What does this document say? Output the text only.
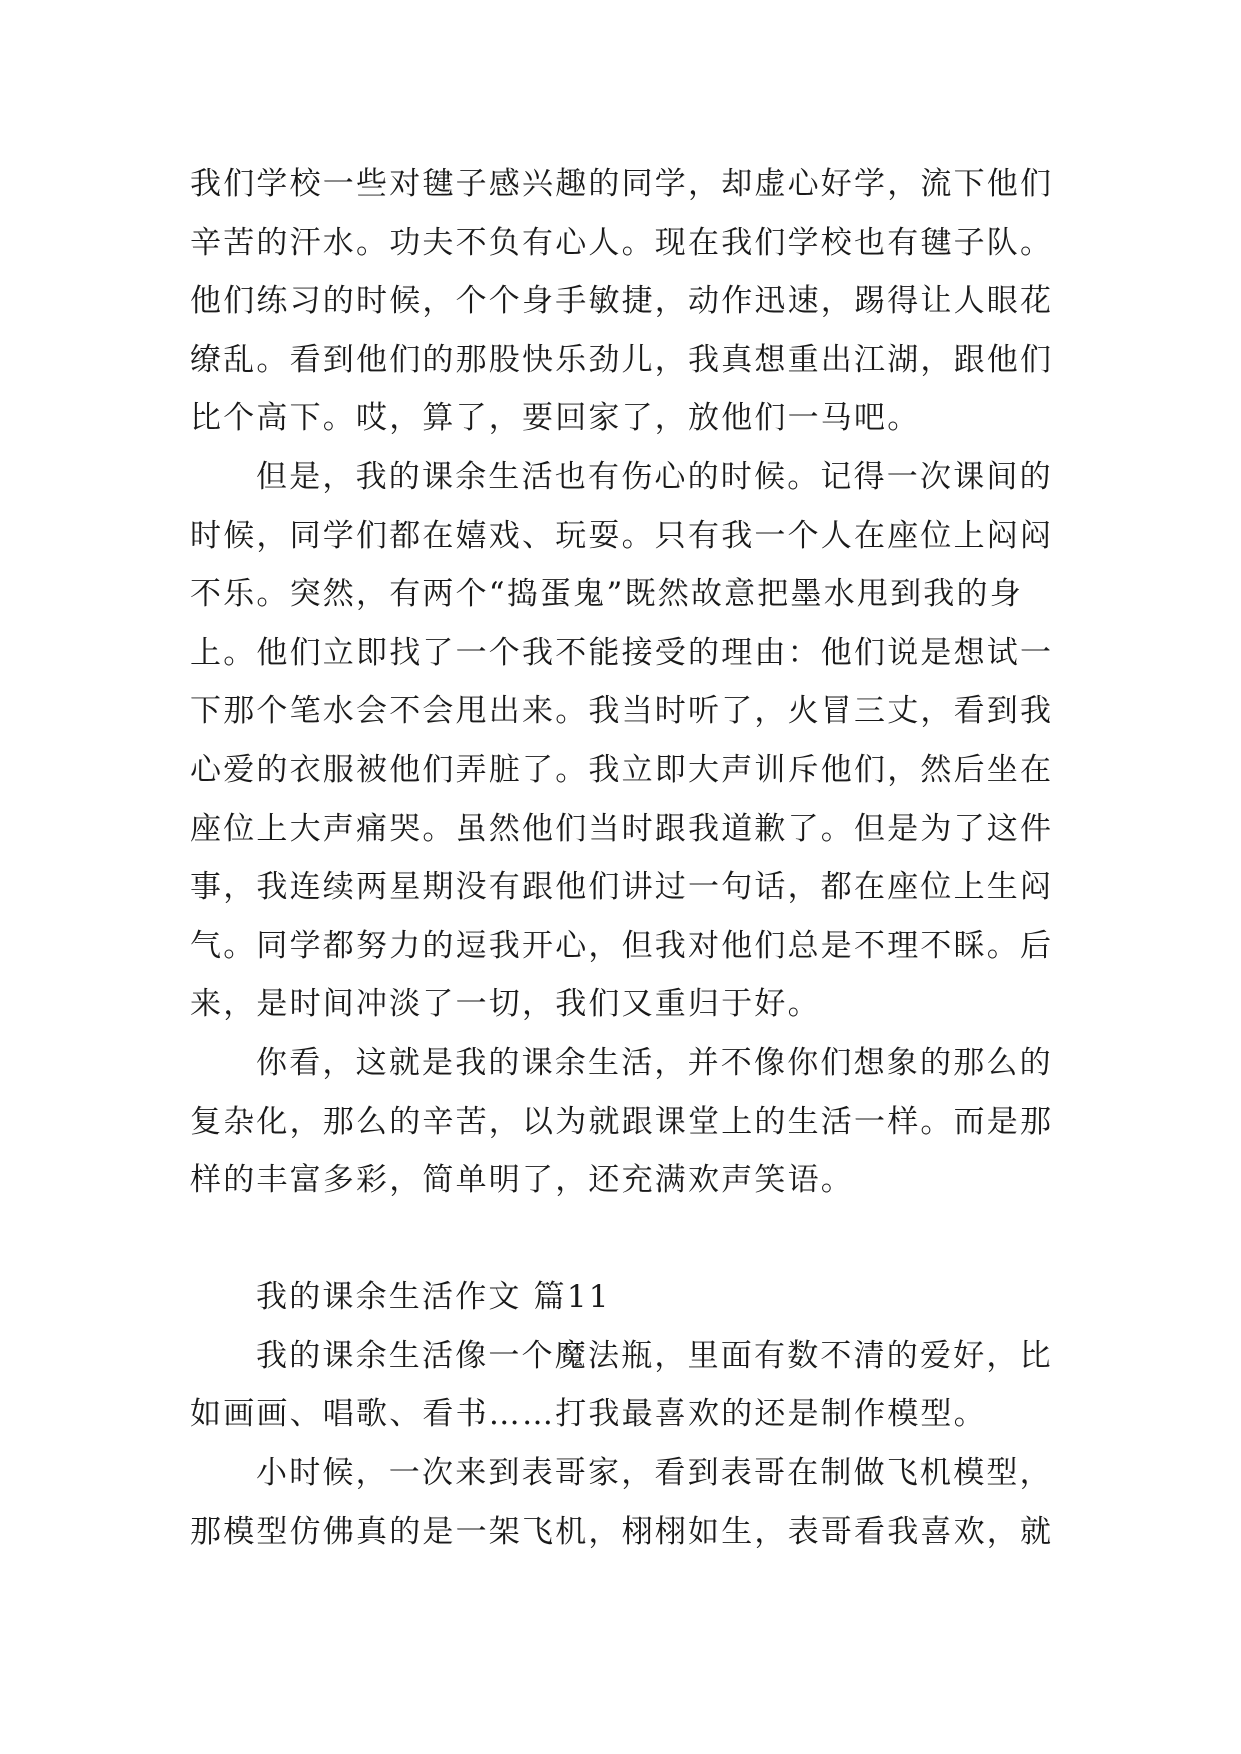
我们学校一些对毽子感兴趣的同学，却虚心好学，流下他们
辛苦的汗水。功夫不负有心人。现在我们学校也有毽子队。
他们练习的时候，个个身手敏捷，动作迅速，踢得让人眼花
缭乱。看到他们的那股快乐劲儿，我真想重出江湖，跟他们
比个高下。哎，算了，要回家了，放他们一马吧。
但是，我的课余生活也有伤心的时候。记得一次课间的
时候，同学们都在嬉戏、玩耍。只有我一个人在座位上闷闷
不乐。突然，有两个“捣蛋鬼”既然故意把墨水甩到我的身
上。他们立即找了一个我不能接受的理由：他们说是想试一
下那个笔水会不会甩出来。我当时听了，火冒三丈，看到我
心爱的衣服被他们弄脏了。我立即大声训斥他们，然后坐在
座位上大声痛哭。虽然他们当时跟我道歉了。但是为了这件
事，我连续两星期没有跟他们讲过一句话，都在座位上生闷
气。同学都努力的逗我开心，但我对他们总是不理不睬。后
来，是时间冲淡了一切，我们又重归于好。
你看，这就是我的课余生活，并不像你们想象的那么的
复杂化，那么的辛苦，以为就跟课堂上的生活一样。而是那
样的丰富多彩，简单明了，还充满欢声笑语。
我的课余生活作文 篇11
我的课余生活像一个魔法瓶，里面有数不清的爱好，比
如画画、唱歌、看书……打我最喜欢的还是制作模型。
小时候，一次来到表哥家，看到表哥在制做飞机模型，
那模型仿佛真的是一架飞机，栩栩如生，表哥看我喜欢，就
